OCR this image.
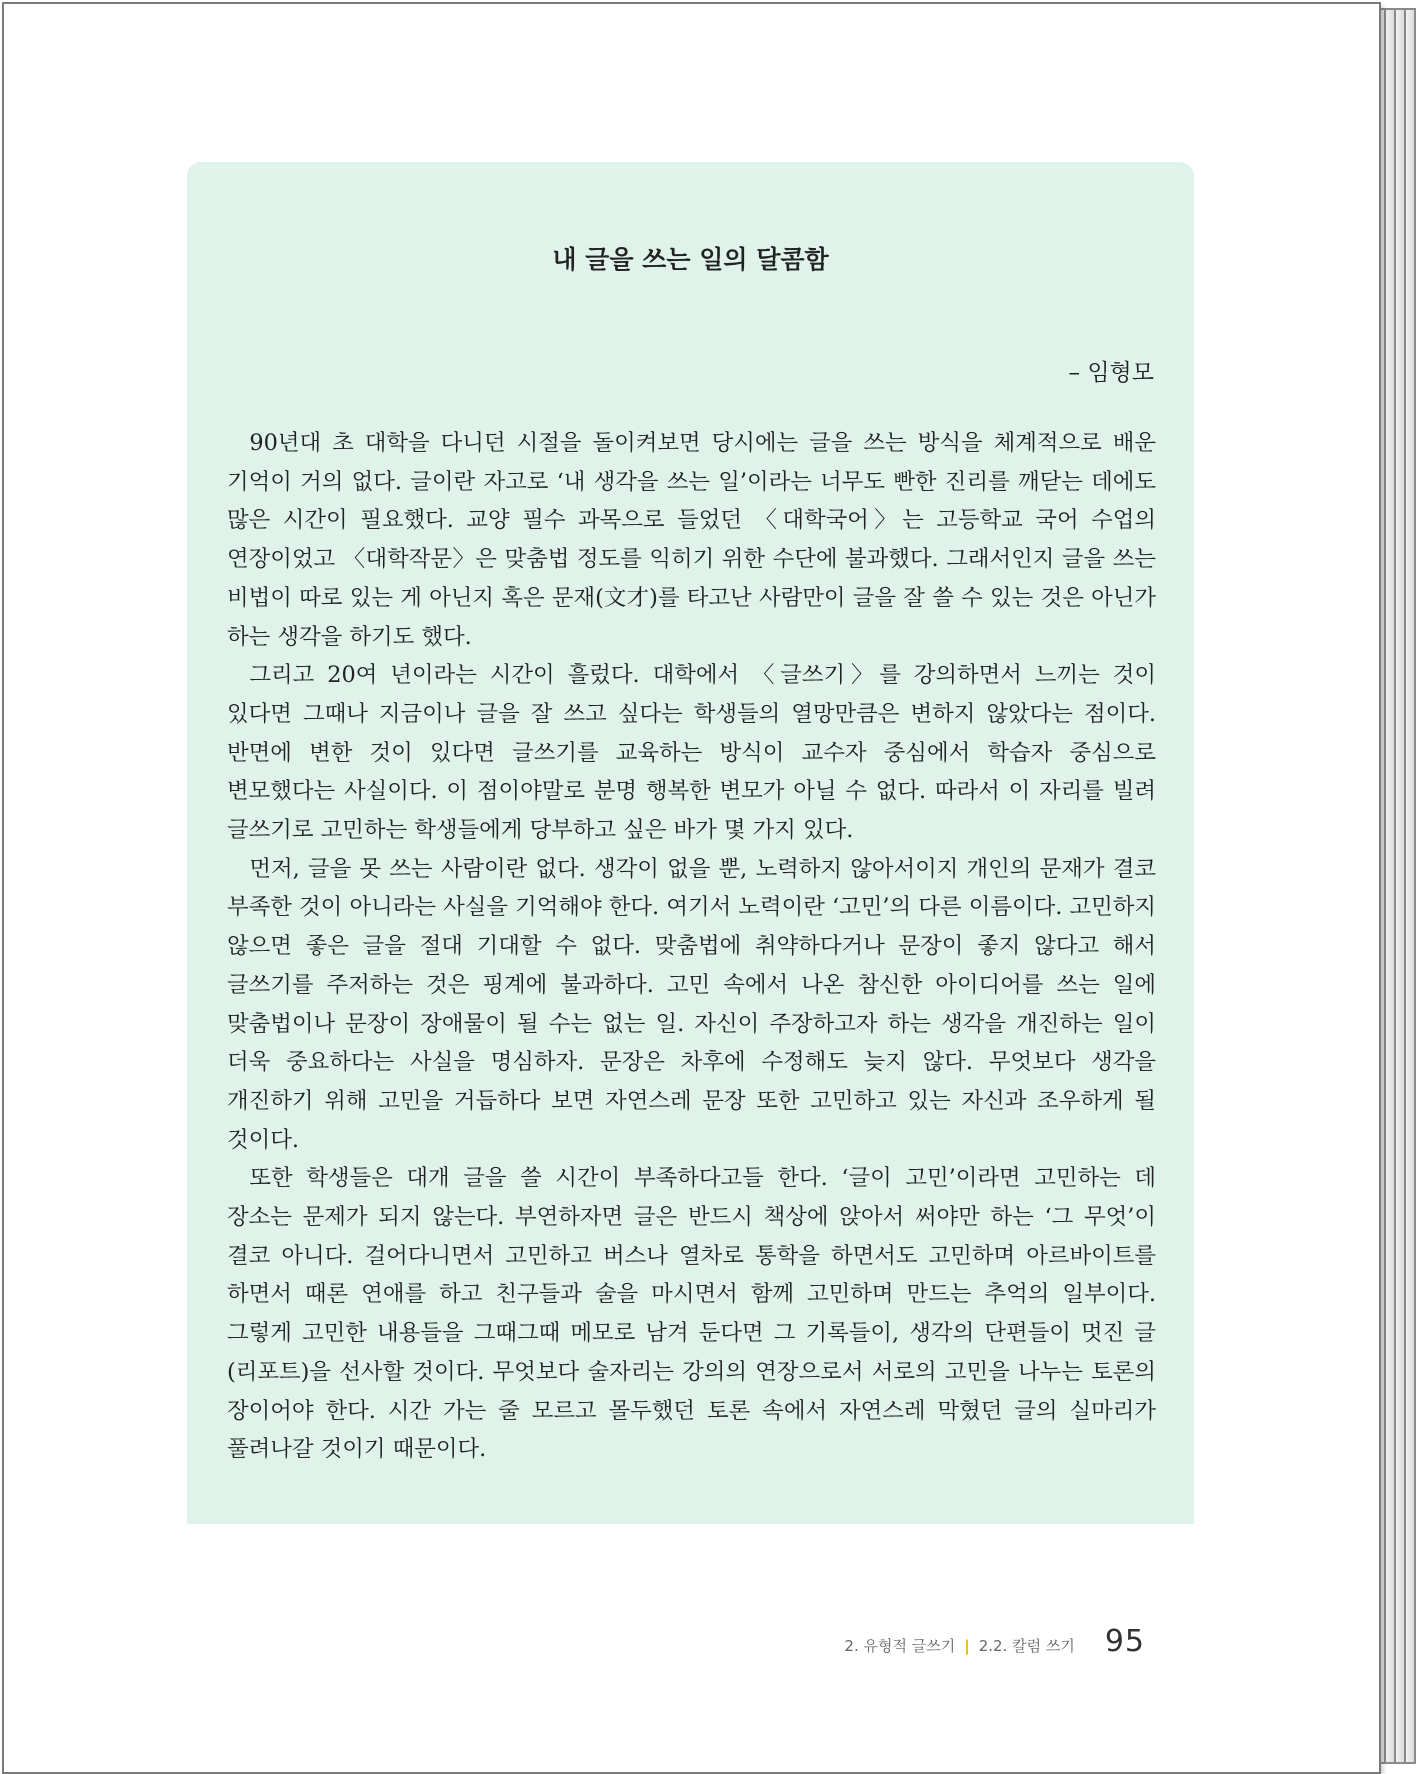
내 글을 쓰는 일의 달콤함

– 임형모

90년대 초 대학을 다니던 시절을 돌이켜보면 당시에는 글을 쓰는 방식을 체계적으로 배운 기억이 거의 없다. 글이란 자고로 ‘내 생각을 쓰는 일’이라는 너무도 빤한 진리를 깨닫는 데에도 많은 시간이 필요했다. 교양 필수 과목으로 들었던 〈대학국어〉는 고등학교 국어 수업의 연장이었고 〈대학작문〉은 맞춤법 정도를 익히기 위한 수단에 불과했다. 그래서인지 글을 쓰는 비법이 따로 있는 게 아닌지 혹은 문재(文才)를 타고난 사람만이 글을 잘 쓸 수 있는 것은 아닌가 하는 생각을 하기도 했다.

그리고 20여 년이라는 시간이 흘렀다. 대학에서 〈글쓰기〉를 강의하면서 느끼는 것이 있다면 그때나 지금이나 글을 잘 쓰고 싶다는 학생들의 열망만큼은 변하지 않았다는 점이다. 반면에 변한 것이 있다면 글쓰기를 교육하는 방식이 교수자 중심에서 학습자 중심으로 변모했다는 사실이다. 이 점이야말로 분명 행복한 변모가 아닐 수 없다. 따라서 이 자리를 빌려 글쓰기로 고민하는 학생들에게 당부하고 싶은 바가 몇 가지 있다.

먼저, 글을 못 쓰는 사람이란 없다. 생각이 없을 뿐, 노력하지 않아서이지 개인의 문재가 결코 부족한 것이 아니라는 사실을 기억해야 한다. 여기서 노력이란 ‘고민’의 다른 이름이다. 고민하지 않으면 좋은 글을 절대 기대할 수 없다. 맞춤법에 취약하다거나 문장이 좋지 않다고 해서 글쓰기를 주저하는 것은 핑계에 불과하다. 고민 속에서 나온 참신한 아이디어를 쓰는 일에 맞춤법이나 문장이 장애물이 될 수는 없는 일. 자신이 주장하고자 하는 생각을 개진하는 일이 더욱 중요하다는 사실을 명심하자. 문장은 차후에 수정해도 늦지 않다. 무엇보다 생각을 개진하기 위해 고민을 거듭하다 보면 자연스레 문장 또한 고민하고 있는 자신과 조우하게 될 것이다.

또한 학생들은 대개 글을 쓸 시간이 부족하다고들 한다. ‘글이 고민’이라면 고민하는 데 장소는 문제가 되지 않는다. 부연하자면 글은 반드시 책상에 앉아서 써야만 하는 ‘그 무엇’이 결코 아니다. 걸어다니면서 고민하고 버스나 열차로 통학을 하면서도 고민하며 아르바이트를 하면서 때론 연애를 하고 친구들과 술을 마시면서 함께 고민하며 만드는 추억의 일부이다. 그렇게 고민한 내용들을 그때그때 메모로 남겨 둔다면 그 기록들이, 생각의 단편들이 멋진 글(리포트)을 선사할 것이다. 무엇보다 술자리는 강의의 연장으로서 서로의 고민을 나누는 토론의 장이어야 한다. 시간 가는 줄 모르고 몰두했던 토론 속에서 자연스레 막혔던 글의 실마리가 풀려나갈 것이기 때문이다.

2. 유형적 글쓰기 | 2.2. 칼럼 쓰기 95
